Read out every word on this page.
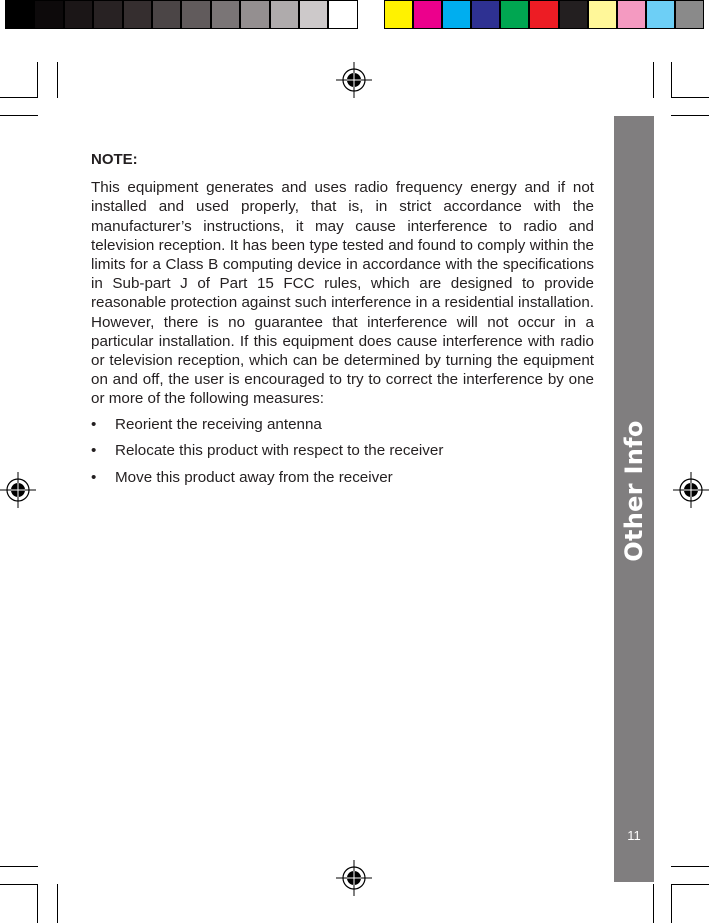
Other Info
11

NOTE:

This equipment generates and uses radio frequency energy and if not installed and used properly, that is, in strict accordance with the manufacturer’s instructions, it may cause interference to radio and television reception. It has been type tested and found to comply within the limits for a Class B computing device in accordance with the specifications in Sub-part J of Part 15 FCC rules, which are designed to provide reasonable protection against such interference in a residential installation. However, there is no guarantee that interference will not occur in a particular installation. If this equipment does cause interference with radio or television reception, which can be determined by turning the equipment on and off, the user is encouraged to try to correct the interference by one or more of the following measures:

• Reorient the receiving antenna
• Relocate this product with respect to the receiver
• Move this product away from the receiver
